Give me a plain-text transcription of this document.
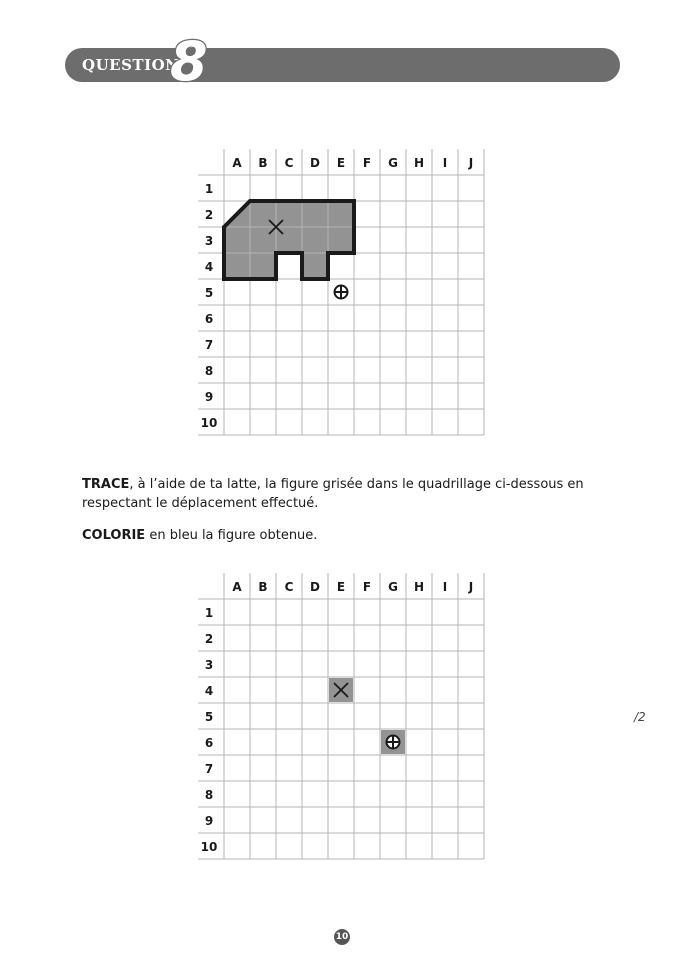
QUESTION
8
A B C D E F G H I J
1
2
3
4
5
6
7
8
9
10
TRACE, à l’aide de ta latte, la figure grisée dans le quadrillage ci-dessous en respectant le déplacement effectué.
COLORIE en bleu la figure obtenue.
A B C D E F G H I J
1
2
3
4
5
6
7
8
9
10
/2
10
